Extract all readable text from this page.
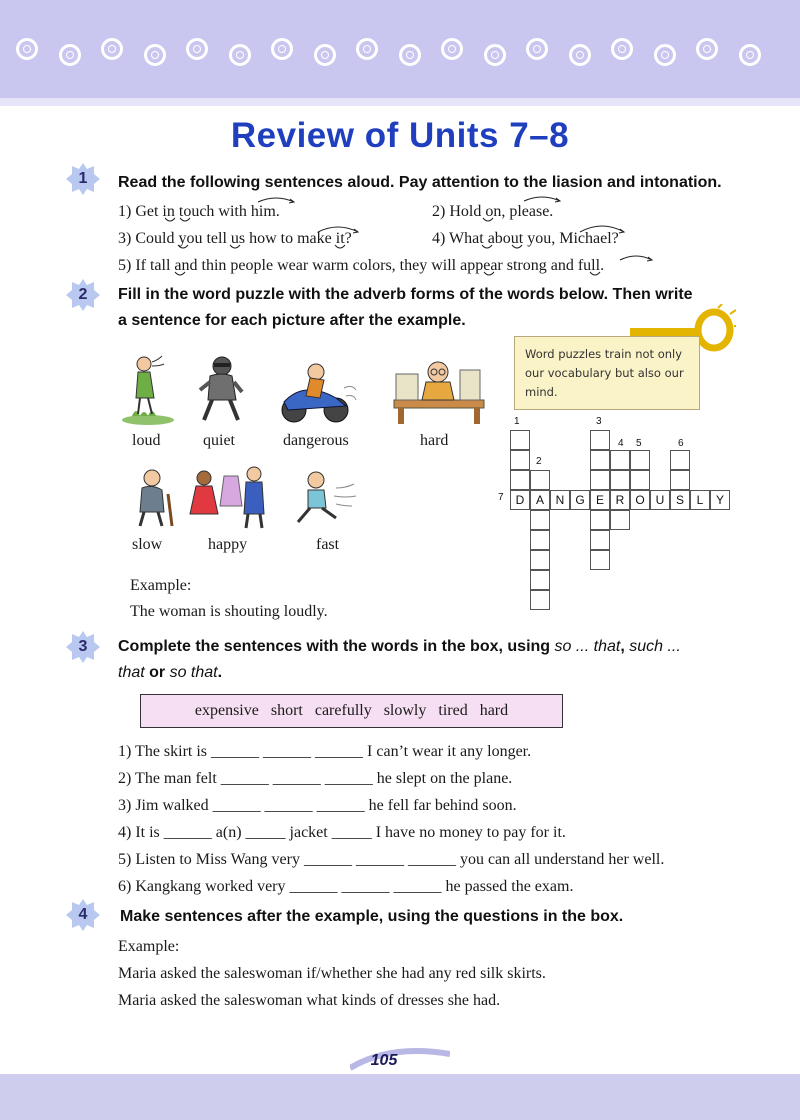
Review of Units 7–8
1	Read the following sentences aloud. Pay attention to the liasion and intonation.
1) Get in touch with him.	2) Hold on, please.
3) Could you tell us how to make it?	4) What about you, Michael?
5) If tall and thin people wear warm colors, they will appear strong and full.
2	Fill in the word puzzle with the adverb forms of the words below. Then write
a sentence for each picture after the example.
loud	quiet	dangerous	hard
slow	happy	fast
Word puzzles train not only our vocabulary but also our mind.
D A N G E R O U S	L	Y
1
2
3
4 5	6
7
Example:
The woman is shouting loudly.
3	Complete the sentences with the words in the box, using so ... that, such ...
that or so that.
expensive short carefully slowly tired hard
1) The skirt is ______ ______ ______ I can’t wear it any longer.
2) The man felt ______ ______ ______ he slept on the plane.
3) Jim walked ______ ______ ______ he fell far behind soon.
4) It is ______ a(n) _____ jacket _____ I have no money to pay for it.
5) Listen to Miss Wang very ______ ______ ______ you can all understand her well.
6) Kangkang worked very ______ ______ ______ he passed the exam.
4	Make sentences after the example, using the questions in the box.
Example:
Maria asked the saleswoman if/whether she had any red silk skirts.
Maria asked the saleswoman what kinds of dresses she had.
105
